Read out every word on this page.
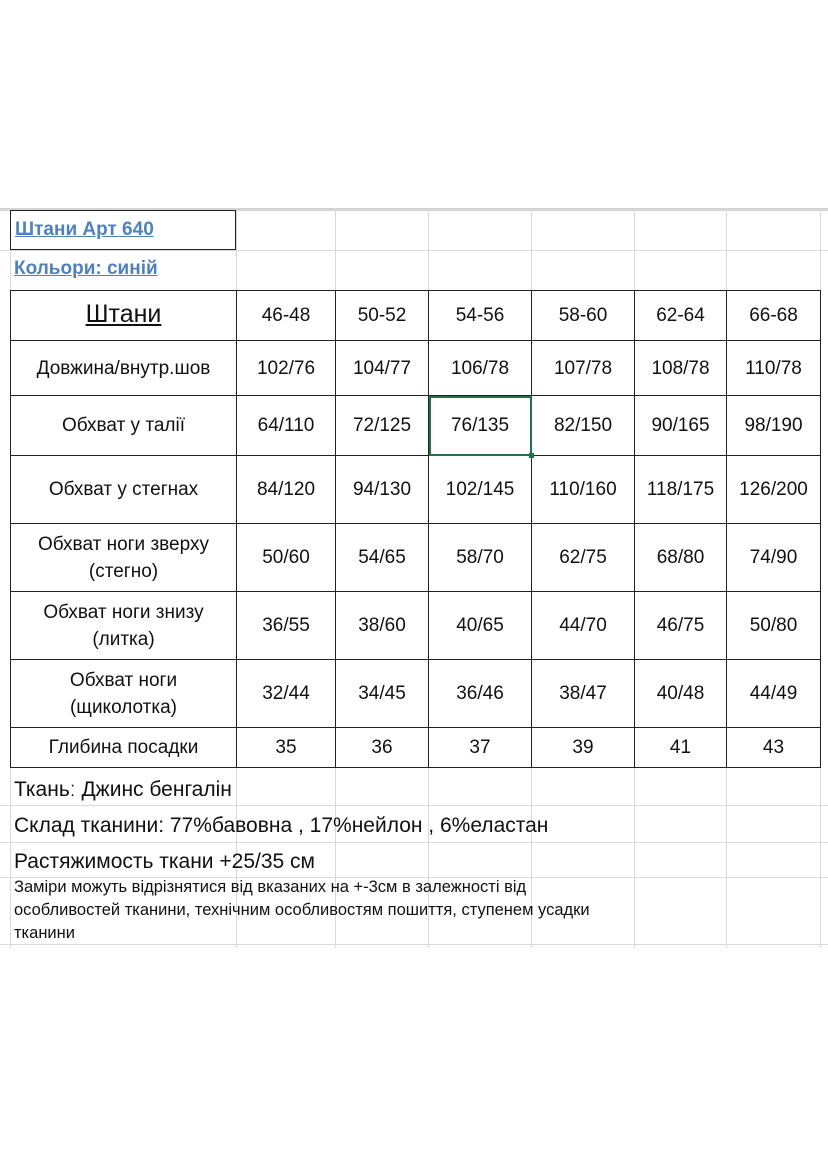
Штани Арт 640
Кольори: синій
Штани	46-48	50-52	54-56	58-60	62-64	66-68
Довжина/внутр.шов	102/76	104/77	106/78	107/78	108/78	110/78
Обхват у талії	64/110	72/125	76/135	82/150	90/165	98/190
Обхват у стегнах	84/120	94/130	102/145	110/160	118/175	126/200
Обхват ноги зверху
(стегно)	50/60	54/65	58/70	62/75	68/80	74/90
Обхват ноги знизу
(литка)	36/55	38/60	40/65	44/70	46/75	50/80
Обхват ноги
(щиколотка)	32/44	34/45	36/46	38/47	40/48	44/49
Глибина посадки	35	36	37	39	41	43
Тканьː Джинс бенгалін
Склад тканини: 77%бавовна , 17%нейлон , 6%еластан
Растяжимость ткани +25/35 см
Заміри можуть відрізнятися від вказаних на +-3см в залежності від особливостей тканини, технічним особливостям пошиття, ступенем усадки тканини
